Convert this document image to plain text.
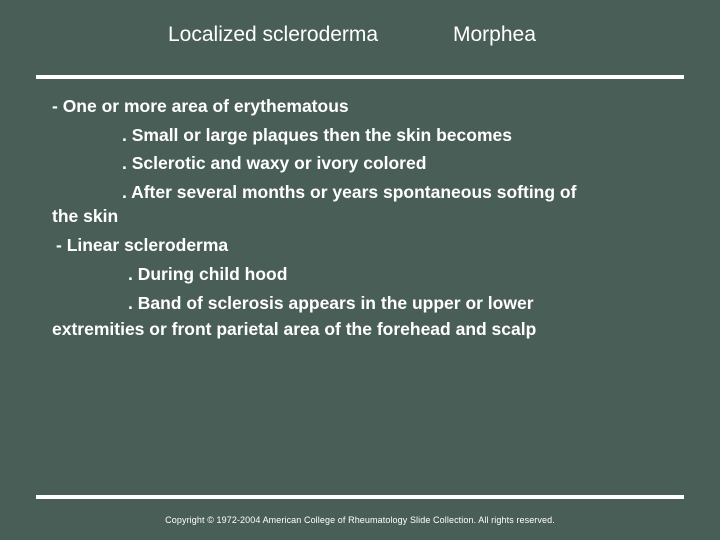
Localized scleroderma	Morphea
- One or more area of erythematous
. Small or large plaques then the skin becomes
. Sclerotic and waxy or ivory colored
. After several months or years spontaneous softing of
the skin
- Linear scleroderma
. During child hood
. Band of sclerosis appears in the upper or lower
extremities or front parietal area of the forehead and scalp
Copyright © 1972-2004 American College of Rheumatology Slide Collection. All rights reserved.
